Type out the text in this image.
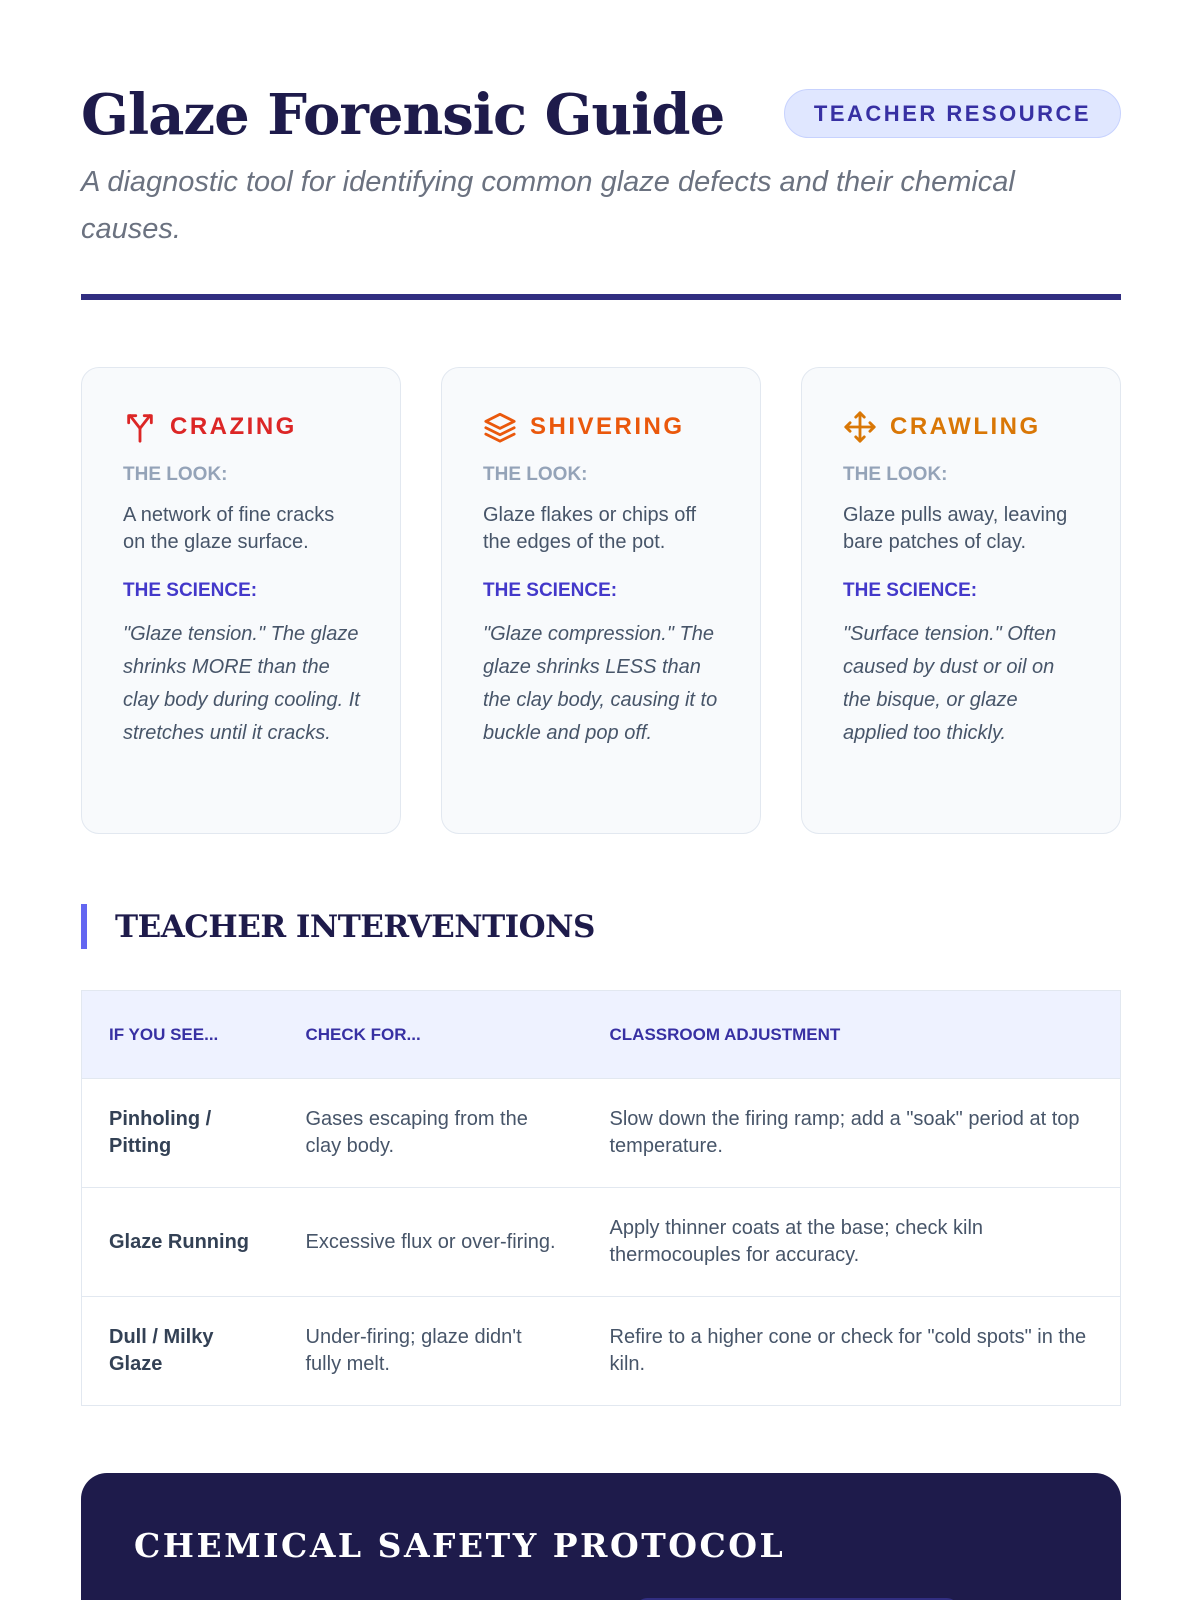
Glaze Forensic Guide	TEACHER RESOURCE

A diagnostic tool for identifying common glaze defects and their chemical causes.

CRAZING
THE LOOK:
A network of fine cracks on the glaze surface.
THE SCIENCE:
"Glaze tension." The glaze shrinks MORE than the clay body during cooling. It stretches until it cracks.
SHIVERING
THE LOOK:
Glaze flakes or chips off the edges of the pot.
THE SCIENCE:
"Glaze compression." The glaze shrinks LESS than the clay body, causing it to buckle and pop off.
CRAWLING
THE LOOK:
Glaze pulls away, leaving bare patches of clay.
THE SCIENCE:
"Surface tension." Often caused by dust or oil on the bisque, or glaze applied too thickly.
TEACHER INTERVENTIONS
IF YOU SEE...	CHECK FOR...	CLASSROOM ADJUSTMENT
Pinholing / Pitting	Gases escaping from the clay body.	Slow down the firing ramp; add a "soak" period at top temperature.
Glaze Running	Excessive flux or over-firing.	Apply thinner coats at the base; check kiln thermocouples for accuracy.
Dull / Milky Glaze	Under-firing; glaze didn't fully melt.	Refire to a higher cone or check for "cold spots" in the kiln.
CHEMICAL SAFETY PROTOCOL
